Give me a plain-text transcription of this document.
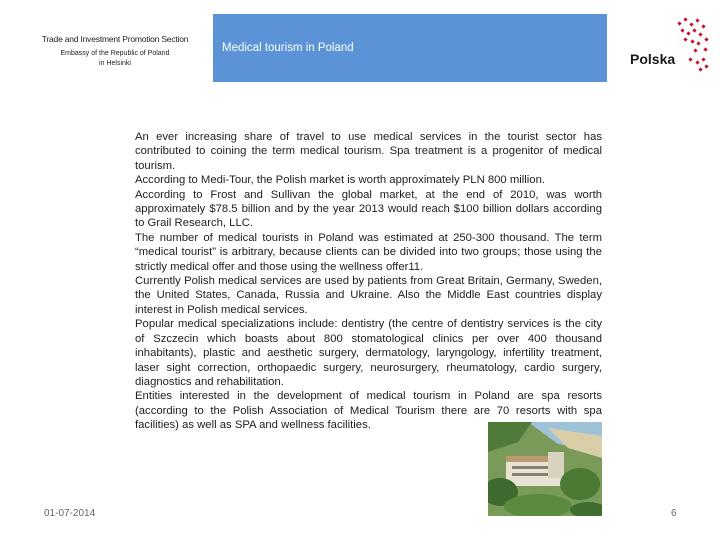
Trade and Investment Promotion Section
Embassy of the Republic of Poland
in Helsinki
Medical tourism in Poland
Polska

An ever increasing share of travel to use medical services in the tourist sector has contributed to coining the term medical tourism. Spa treatment is a progenitor of medical tourism.

According to Medi-Tour, the Polish market is worth approximately PLN 800 million.

According to Frost and Sullivan the global market, at the end of 2010, was worth approximately $78.5 billion and by the year 2013 would reach $100 billion dollars according to Grail Research, LLC.

The number of medical tourists in Poland was estimated at 250-300 thousand. The term “medical tourist” is arbitrary, because clients can be divided into two groups; those using the strictly medical offer and those using the wellness offer11.

Currently Polish medical services are used by patients from Great Britain, Germany, Sweden, the United States, Canada, Russia and Ukraine. Also the Middle East countries display interest in Polish medical services.

Popular medical specializations include: dentistry (the centre of dentistry services is the city of Szczecin which boasts about 800 stomatological clinics per over 400 thousand inhabitants), plastic and aesthetic surgery, dermatology, laryngology, infertility treatment, laser sight correction, orthopaedic surgery, neurosurgery, rheumatology, cardio surgery, diagnostics and rehabilitation.

Entities interested in the development of medical tourism in Poland are spa resorts (according to the Polish Association of Medical Tourism there are 70 resorts with spa facilities) as well as SPA and wellness facilities.

01-07-2014	6
